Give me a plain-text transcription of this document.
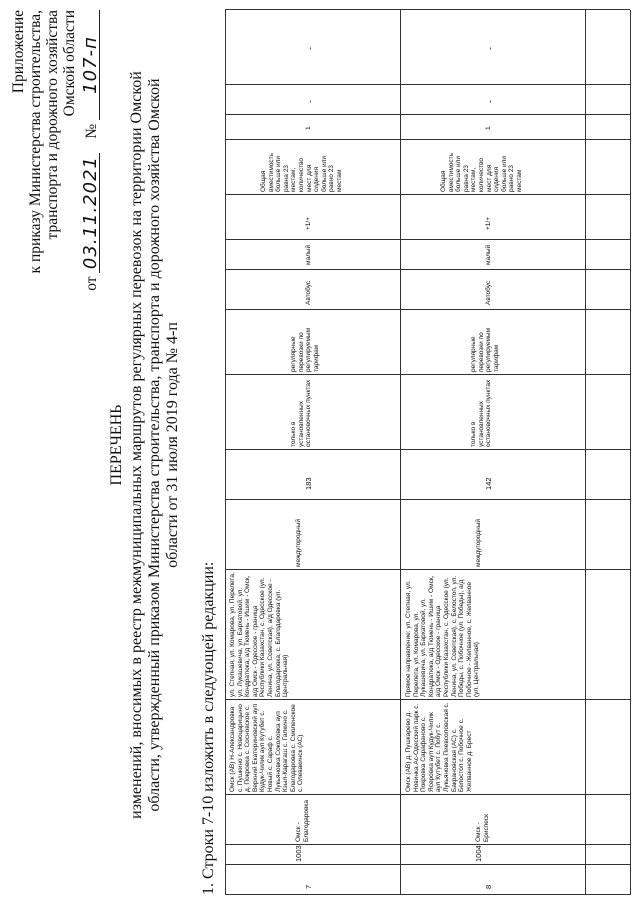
Приложение к приказу Министерства строительства, транспорта и дорожного хозяйства Омской области
от 03.11.2021 № 107-п
ПЕРЕЧЕНЬ изменений, вносимых в реестр межмуниципальных маршрутов регулярных перевозок на территории Омской области, утвержденный приказом Министерства строительства, транспорта и дорожного хозяйства Омской области от 31 июля 2019 года № 4-п
1. Строки 7-10 изложить в следующей редакции:	7
1003
Омск - Благодаровка
Омск (АВ) Н-Александровка с. Пушкино с. Новоцарицыно д. Покровка с. Сосновское с. Верхний Екатериновский ауп Кудук-Чилик аул Кутубет с. Новый с. Сараф с. Лукьяновка Соколовка ауп Кзыл-Карагаш с. Галкино с. Благодаровка с. Смоленское с. Олевакинск (АС)
ул. Степная, ул. Комарова, ул. Перелета, ул. Лукашевича, ул. Бархатовой, ул. Кондратюка, а/д Тюмень - Ишим - Омск, а/д Омск - Одесское - граница Республики Казахстан, с. Одесское (ул. Ленина, ул. Советская), а/д Одесское - Благодаровка, с. Благодаровка (ул. Центральная)
междугородный
183
только в установленных остановочных пунктах
регулярные перевозки по регулируемым тарифам
Автобус
малый
+1/+
Общая вместимость больше или равна 23 местам, количество мест для сидения больше или равно 23 местам
1
-
-
8
1004
Омск - Бриспеск
Омск (АВ) д. Пушкарево д. Новинка Ас-Одесский парк с. Покровка Сарафаново с. Ясеровка ауп Кудук-Чилик аул Кутубет с. Побут с. Лукьяновка Пиевсоловская с. Бакрановская (АС) с. Белостоп с. Побочное с. Желванное д. Брест
Прямое направление: ул. Степная, ул. Перелета, ул. Комарова, ул. Лукашевича, ул. Бархатовой, ул. Кондратюка, а/д Тюмень - Ишим - Омск, а/д Омск - Одесское - граница Республики Казахстан, с. Одесское (ул. Ленина, ул. Советская), с. Белостоп, ул. Победы, с. Побочное (ул. Победы), а/д Побочное - Желванное, с. Желванное (ул. Центральная)
междугородный
142
только в установленных остановочных пунктах
регулярные перевозки по регулируемым тарифам
Автобус
малый
+1/+
Общая вместимость больше или равна 23 местам, количество мест для сидения больше или равно 23 местам
1
-
-
